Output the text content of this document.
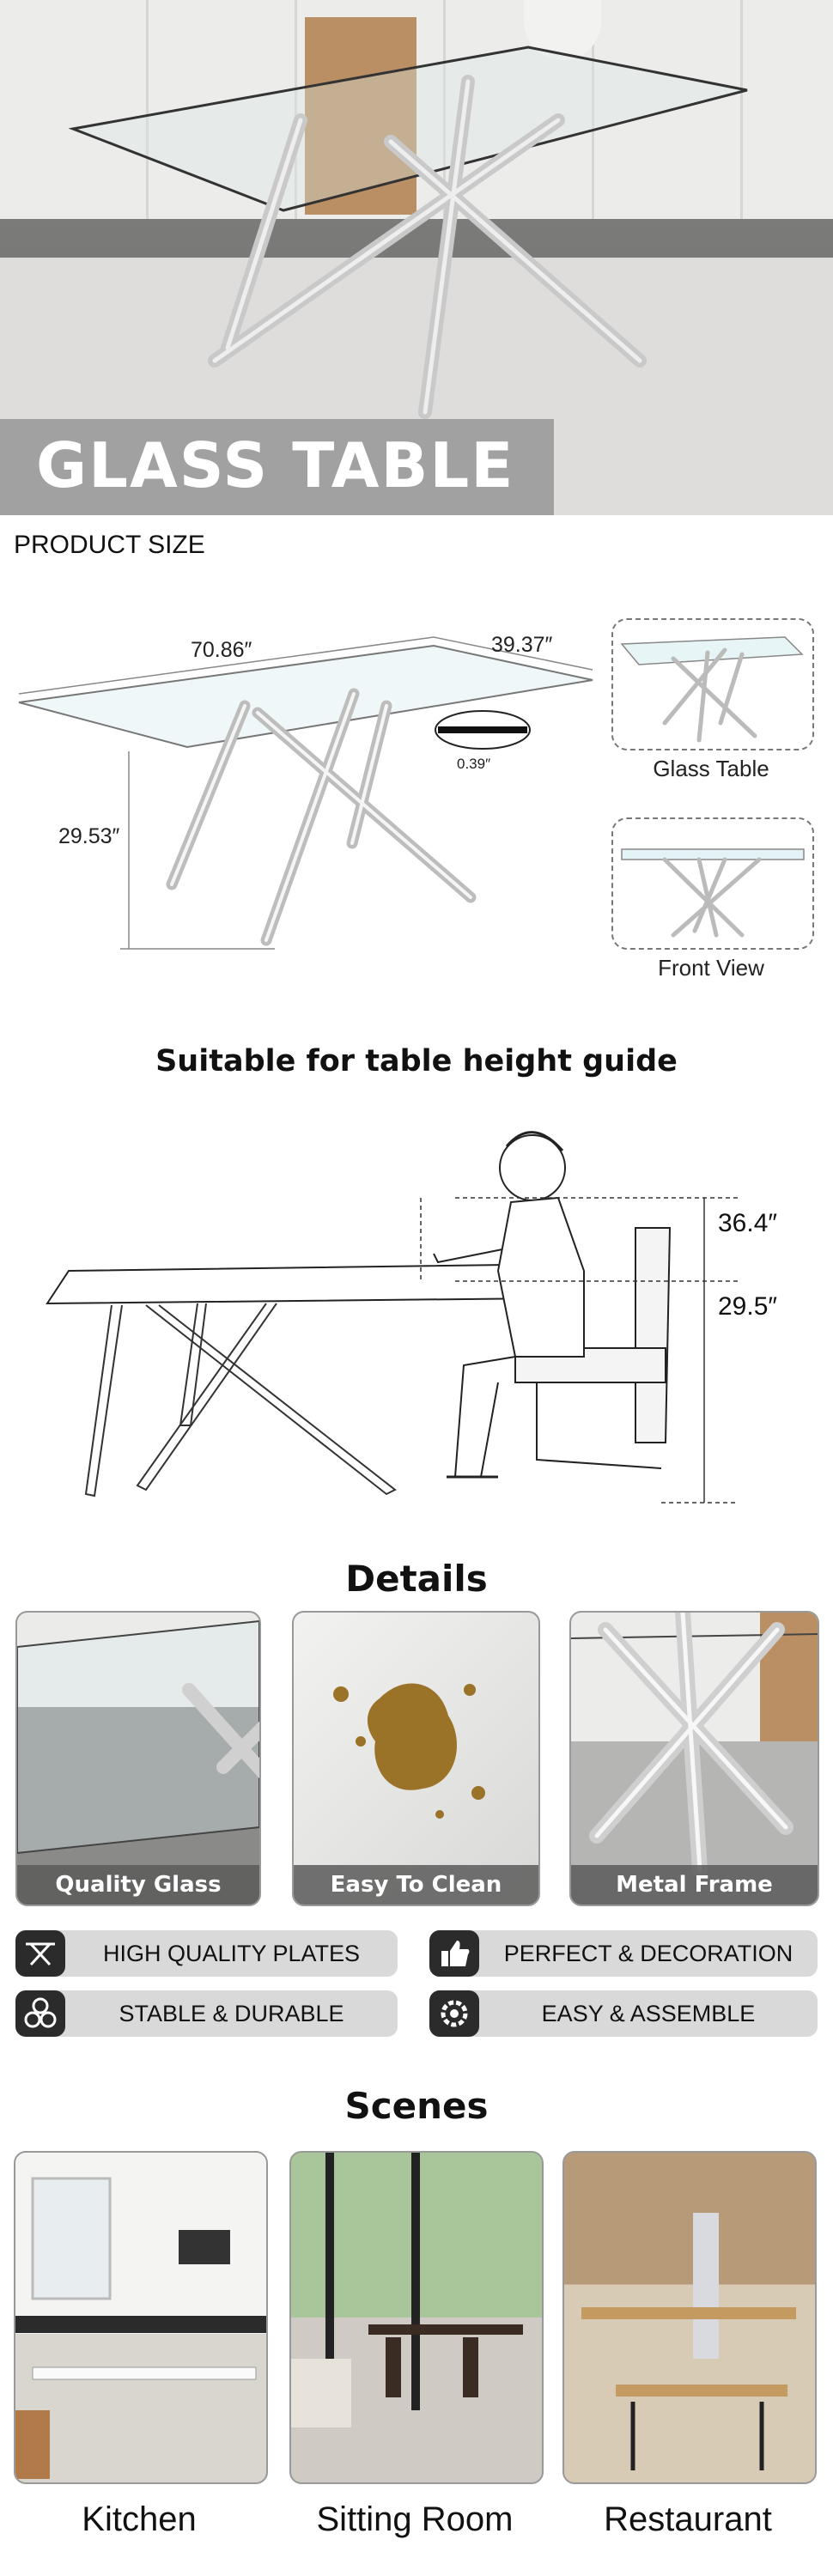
GLASS TABLE
PRODUCT SIZE
70.86″	39.37″
0.39″
29.53″
Glass Table
Front View
Suitable for table height guide
36.4″
29.5″
Details
Quality Glass	Easy To Clean	Metal Frame
HIGH QUALITY PLATES	PERFECT & DECORATION
STABLE & DURABLE	EASY & ASSEMBLE
Scenes
Kitchen	Sitting Room	Restaurant
